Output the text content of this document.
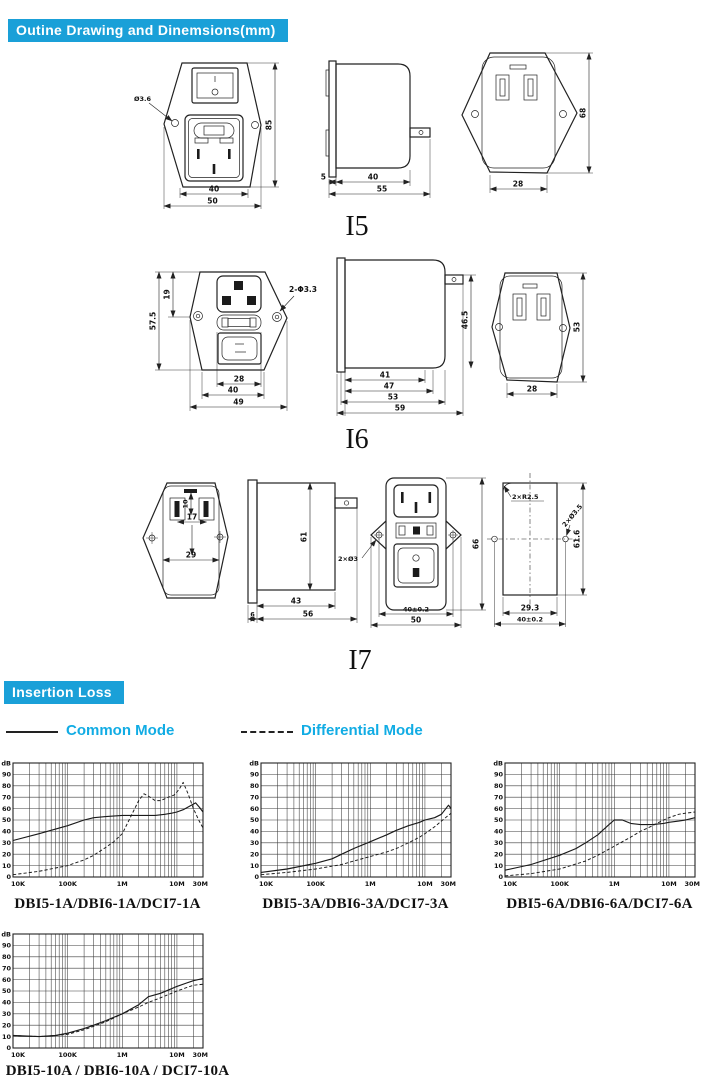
Outine Drawing and Dinemsions(mm)
Ø3.6
85
40
50
5	40
55
28
68
I5
2-Φ3.3
57.5
19
28
40
49
46.5
41
47
53
59
28
53
I6
10
17
29
61
43
6	56
2×Ø3
66
40±0.2
50
2×R2.5
2×Ø3.5
61.6
29.3
40±0.2
I7
Insertion Loss
Common Mode	Differential Mode
dB
90
80
70
60
50
40
30
20
10
0
10K	100K	1M	10M 30M
dB
90
80
70
60
50
40
30
20
10
0
10K	100K	1M	10M 30M
dB
90
80
70
60
50
40
30
20
10
0
10K	100K	1M	10M 30M
dB
90
80
70
60
50
40
30
20
10
0
10K	100K	1M	10M 30M
DBI5-1A/DBI6-1A/DCI7-1A	DBI5-3A/DBI6-3A/DCI7-3A	DBI5-6A/DBI6-6A/DCI7-6A
DBI5-10A / DBI6-10A / DCI7-10A
